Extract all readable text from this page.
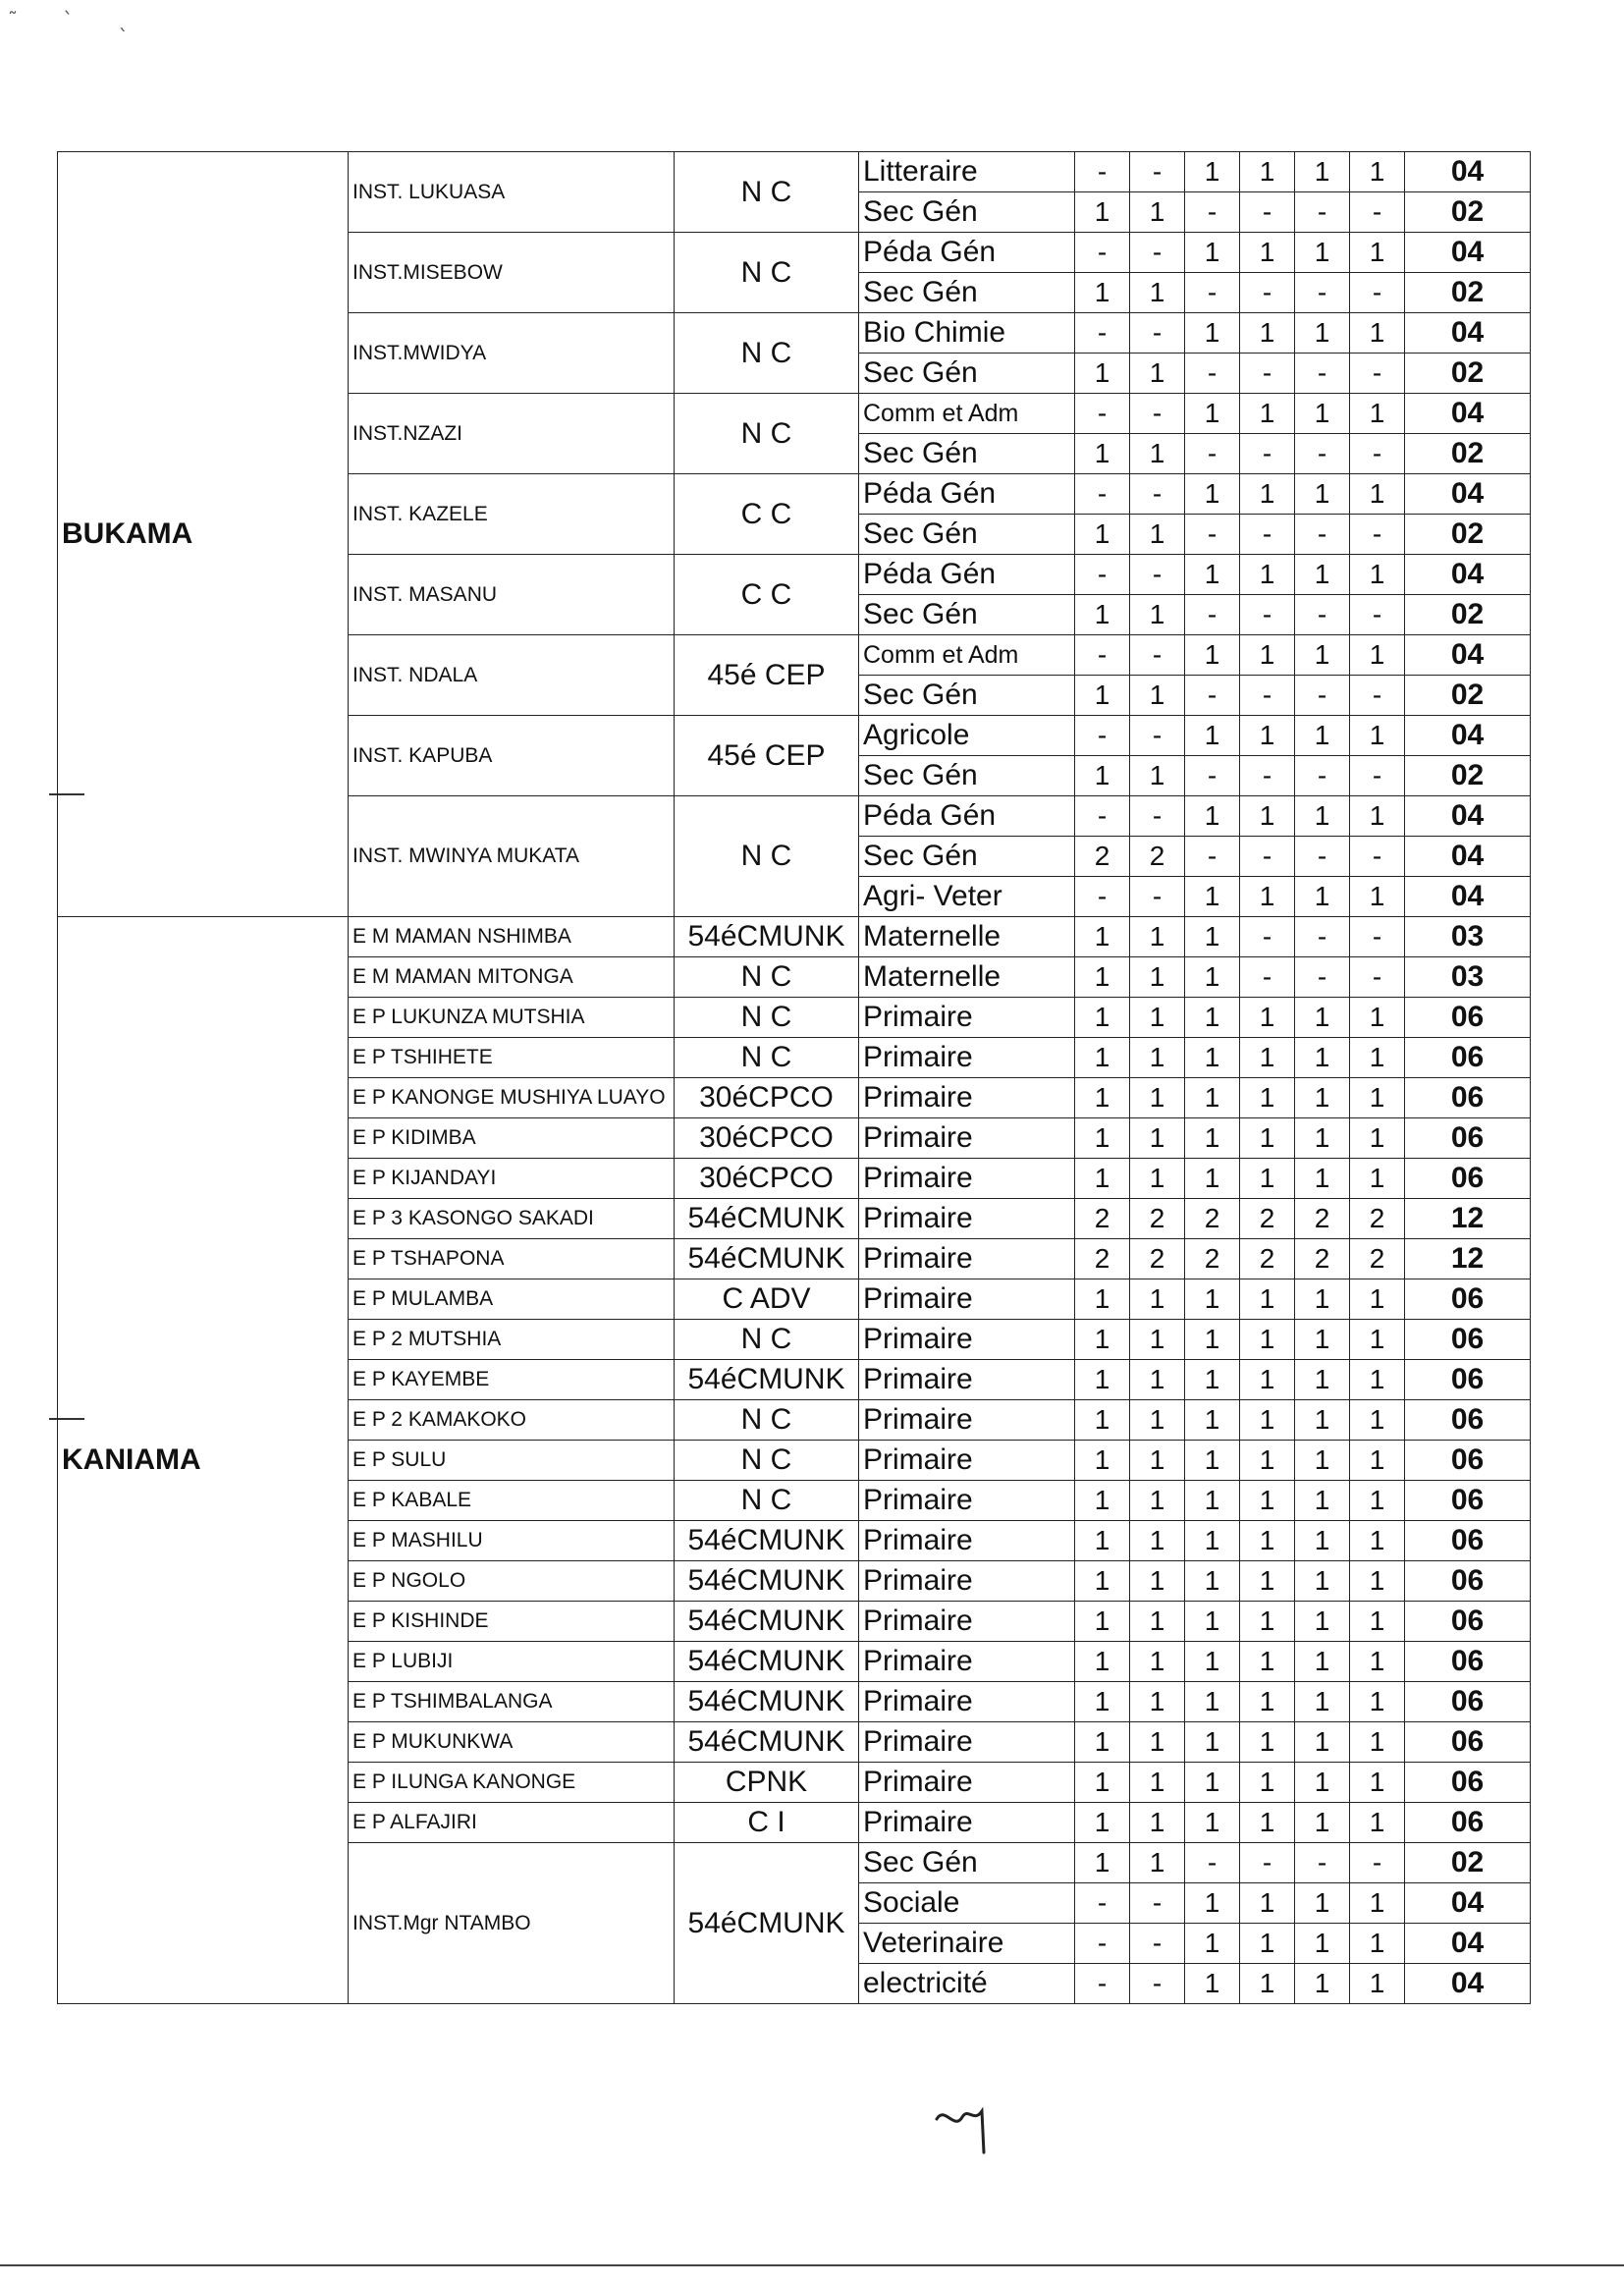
˜ ˋ ˎ
BUKAMA	INST. LUKUASA	N C	Litteraire	-	-	1	1	1	1	04
			Sec Gén	1	1	-	-	-	-	02
	INST.MISEBOW	N C	Péda Gén	-	-	1	1	1	1	04
			Sec Gén	1	1	-	-	-	-	02
	INST.MWIDYA	N C	Bio Chimie	-	-	1	1	1	1	04
			Sec Gén	1	1	-	-	-	-	02
	INST.NZAZI	N C	Comm et Adm	-	-	1	1	1	1	04
			Sec Gén	1	1	-	-	-	-	02
	INST. KAZELE	C C	Péda Gén	-	-	1	1	1	1	04
			Sec Gén	1	1	-	-	-	-	02
	INST. MASANU	C C	Péda Gén	-	-	1	1	1	1	04
			Sec Gén	1	1	-	-	-	-	02
	INST. NDALA	45é CEP	Comm et Adm	-	-	1	1	1	1	04
			Sec Gén	1	1	-	-	-	-	02
	INST. KAPUBA	45é CEP	Agricole	-	-	1	1	1	1	04
			Sec Gén	1	1	-	-	-	-	02
	INST. MWINYA MUKATA	N C	Péda Gén	-	-	1	1	1	1	04
			Sec Gén	2	2	-	-	-	-	04
			Agri- Veter	-	-	1	1	1	1	04
KANIAMA	E M MAMAN NSHIMBA	54éCMUNK	Maternelle	1	1	1	-	-	-	03
	E M MAMAN MITONGA	N C	Maternelle	1	1	1	-	-	-	03
	E P LUKUNZA MUTSHIA	N C	Primaire	1	1	1	1	1	1	06
	E P TSHIHETE	N C	Primaire	1	1	1	1	1	1	06
	E P KANONGE MUSHIYA LUAYO	30éCPCO	Primaire	1	1	1	1	1	1	06
	E P KIDIMBA	30éCPCO	Primaire	1	1	1	1	1	1	06
	E P KIJANDAYI	30éCPCO	Primaire	1	1	1	1	1	1	06
	E P 3 KASONGO SAKADI	54éCMUNK	Primaire	2	2	2	2	2	2	12
	E P TSHAPONA	54éCMUNK	Primaire	2	2	2	2	2	2	12
	E P MULAMBA	C ADV	Primaire	1	1	1	1	1	1	06
	E P 2 MUTSHIA	N C	Primaire	1	1	1	1	1	1	06
	E P KAYEMBE	54éCMUNK	Primaire	1	1	1	1	1	1	06
	E P 2 KAMAKOKO	N C	Primaire	1	1	1	1	1	1	06
	E P SULU	N C	Primaire	1	1	1	1	1	1	06
	E P KABALE	N C	Primaire	1	1	1	1	1	1	06
	E P MASHILU	54éCMUNK	Primaire	1	1	1	1	1	1	06
	E P NGOLO	54éCMUNK	Primaire	1	1	1	1	1	1	06
	E P KISHINDE	54éCMUNK	Primaire	1	1	1	1	1	1	06
	E P LUBIJI	54éCMUNK	Primaire	1	1	1	1	1	1	06
	E P TSHIMBALANGA	54éCMUNK	Primaire	1	1	1	1	1	1	06
	E P MUKUNKWA	54éCMUNK	Primaire	1	1	1	1	1	1	06
	E P ILUNGA KANONGE	CPNK	Primaire	1	1	1	1	1	1	06
	E P ALFAJIRI	C I	Primaire	1	1	1	1	1	1	06
	INST.Mgr NTAMBO	54éCMUNK	Sec Gén	1	1	-	-	-	-	02
			Sociale	-	-	1	1	1	1	04
			Veterinaire	-	-	1	1	1	1	04
			electricité	-	-	1	1	1	1	04
